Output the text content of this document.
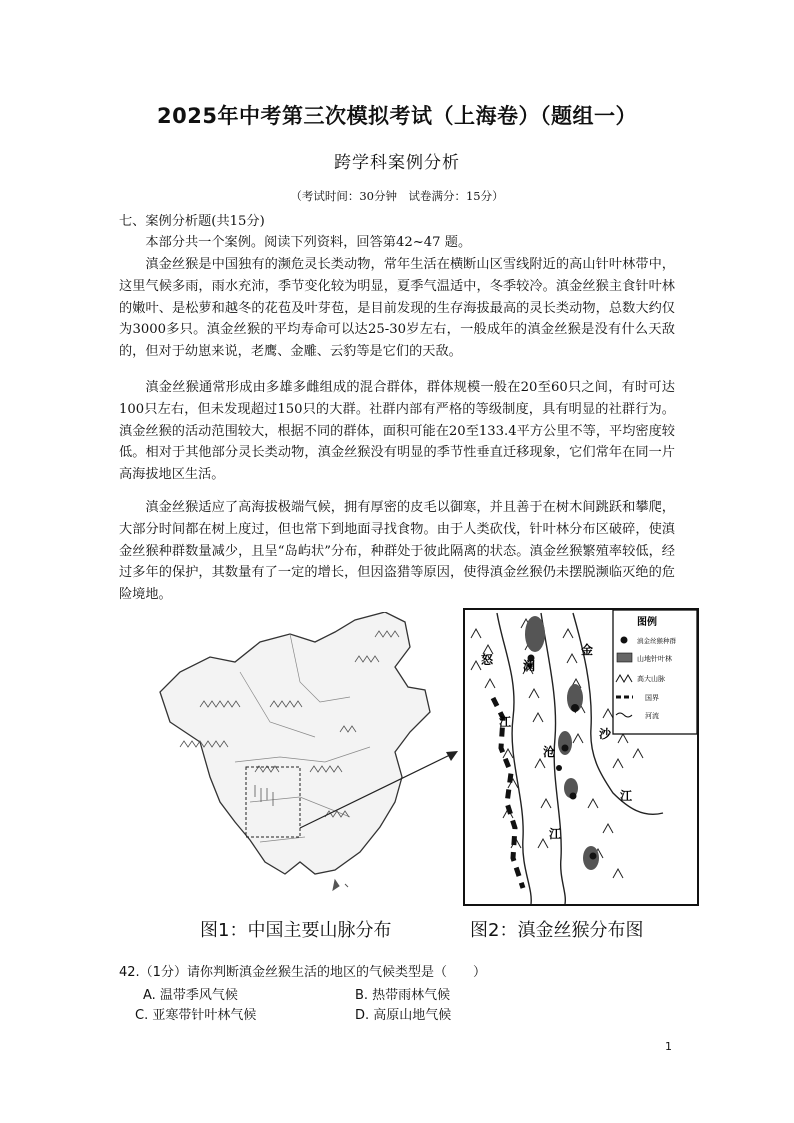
2025年中考第三次模拟考试（上海卷）（题组一）
跨学科案例分析
（考试时间：30分钟　试卷满分：15分）

七、案例分析题(共15分)

本部分共一个案例。阅读下列资料，回答第42~47 题。

滇金丝猴是中国独有的濒危灵长类动物，常年生活在横断山区雪线附近的高山针叶林带中，这里气候多雨，雨水充沛，季节变化较为明显，夏季气温适中，冬季较冷。滇金丝猴主食针叶林的嫩叶、是松萝和越冬的花苞及叶芽苞，是目前发现的生存海拔最高的灵长类动物，总数大约仅为3000多只。滇金丝猴的平均寿命可以达25-30岁左右，一般成年的滇金丝猴是没有什么天敌的，但对于幼崽来说，老鹰、金雕、云豹等是它们的天敌。

滇金丝猴通常形成由多雄多雌组成的混合群体，群体规模一般在20至60只之间，有时可达100只左右，但未发现超过150只的大群。社群内部有严格的等级制度，具有明显的社群行为。滇金丝猴的活动范围较大，根据不同的群体，面积可能在20至133.4平方公里不等，平均密度较低。相对于其他部分灵长类动物，滇金丝猴没有明显的季节性垂直迁移现象，它们常年在同一片高海拔地区生活。

滇金丝猴适应了高海拔极端气候，拥有厚密的皮毛以御寒，并且善于在树木间跳跃和攀爬，大部分时间都在树上度过，但也常下到地面寻找食物。由于人类砍伐，针叶林分布区破碎，使滇金丝猴种群数量减少，且呈“岛屿状”分布，种群处于彼此隔离的状态。滇金丝猴繁殖率较低，经过多年的保护，其数量有了一定的增长，但因盗猎等原因，使得滇金丝猴仍未摆脱濒临灭绝的危险境地。

怒
江
澜
沧
江
金
沙
江
图例
滇金丝猴种群
山地针叶林
高大山脉
国界
河流
图1：中国主要山脉分布	图2：滇金丝猴分布图
42.（1分）请你判断滇金丝猴生活的地区的气候类型是（　　）
A. 温带季风气候	B. 热带雨林气候
C. 亚寒带针叶林气候	D. 高原山地气候
1
